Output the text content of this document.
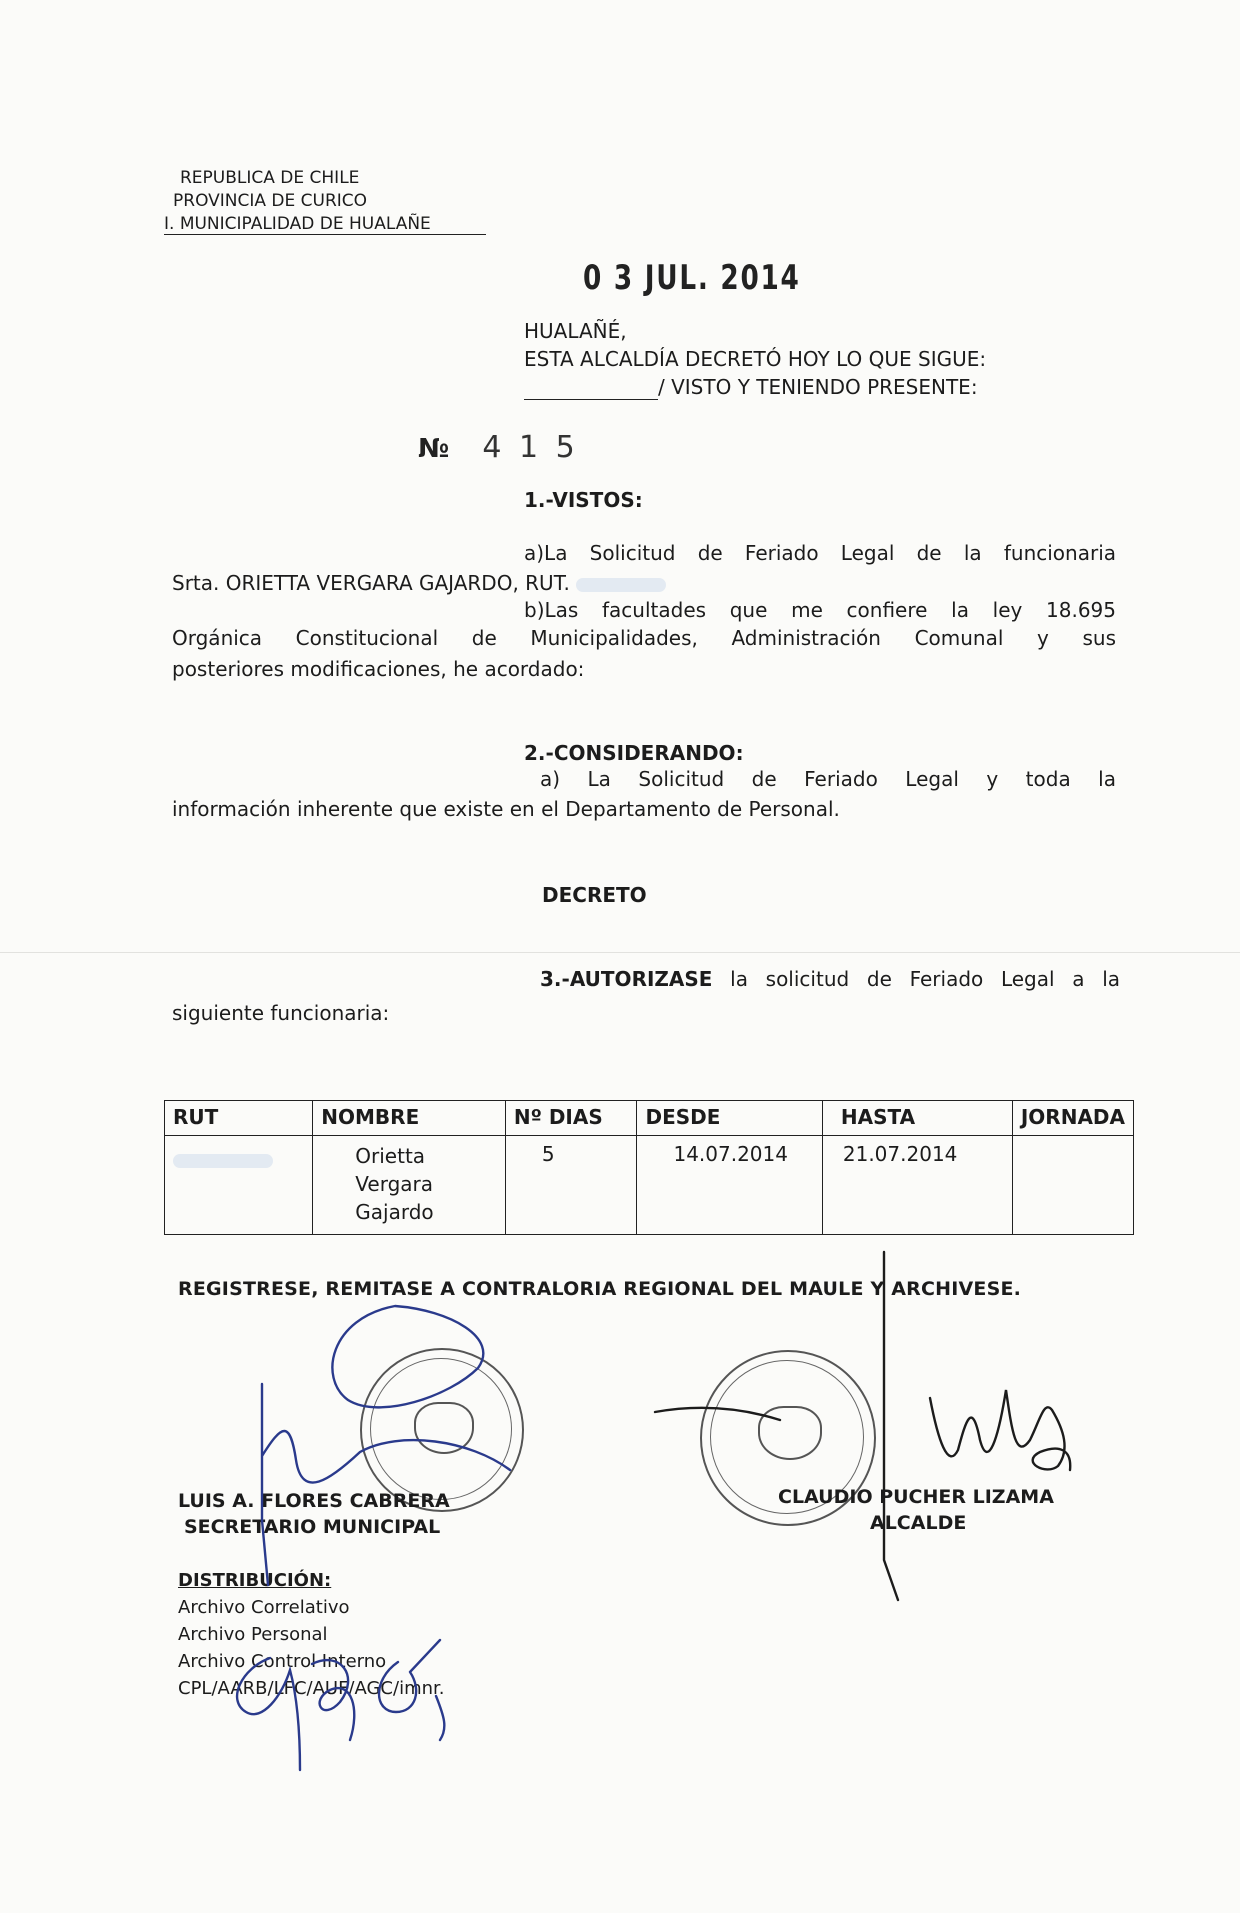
REPUBLICA DE CHILE
PROVINCIA DE CURICO
I. MUNICIPALIDAD DE HUALAÑE
0 3 JUL. 2014
HUALAÑÉ,
ESTA ALCALDÍA DECRETÓ HOY LO QUE SIGUE:
/ VISTO Y TENIENDO PRESENTE:
№ 4 1 5
1.-VISTOS:
a)La Solicitud de Feriado Legal de la funcionaria
Srta. ORIETTA VERGARA GAJARDO, RUT.
b)Las facultades que me confiere la ley 18.695
Orgánica Constitucional de Municipalidades, Administración Comunal y sus
posteriores modificaciones, he acordado:
2.-CONSIDERANDO:
a) La Solicitud de Feriado Legal y toda la
información inherente que existe en el Departamento de Personal.
DECRETO
3.-AUTORIZASE la solicitud de Feriado Legal a la
siguiente funcionaria:
RUT	NOMBRE	Nº DIAS	DESDE	HASTA	JORNADA

	Orietta
Vergara
Gajardo	5	14.07.2014	21.07.2014	
REGISTRESE, REMITASE A CONTRALORIA REGIONAL DEL MAULE Y ARCHIVESE.
LUIS A. FLORES CABRERA
SECRETARIO MUNICIPAL
CLAUDIO PUCHER LIZAMA
ALCALDE
DISTRIBUCIÓN:
Archivo Correlativo
Archivo Personal
Archivo Control Interno
CPL/AARB/LFC/AUF/AGC/imnr.
